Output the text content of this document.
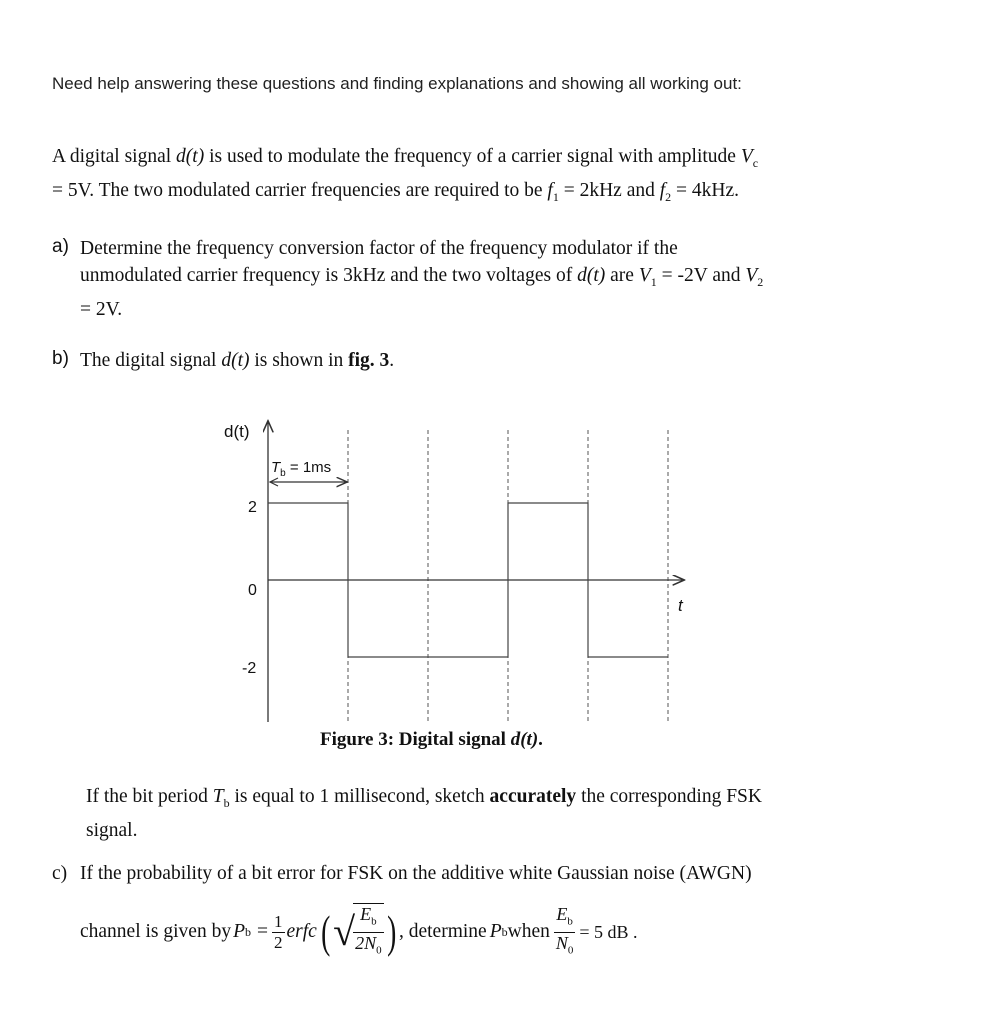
Need help answering these questions and finding explanations and showing all working out:
A digital signal d(t) is used to modulate the frequency of a carrier signal with amplitude $V_c$
= 5V. The two modulated carrier frequencies are required to be $f_1 = 2kHz$ and $f_2 = 4kHz$.
a) Determine the frequency conversion factor of the frequency modulator if the
unmodulated carrier frequency is 3kHz and the two voltages of d(t) are $V_1 = -2V$ and $V_2$
= 2V.
b) The digital signal d(t) is shown in fig. 3.
d(t)
t
2
0
-2
$T_b = 1ms$
Figure 3: Digital signal d(t).
If the bit period $T_b$ is equal to 1 millisecond, sketch accurately the corresponding FSK
signal.
c) If the probability of a bit error for FSK on the additive white Gaussian noise (AWGN)
channel is given by P $b = \frac{1}{2}$ erfc ( √
$\frac{E_b}{2N_0}$ ) , determine P b when $\frac{E_b}{N_0} = 5$ dB .
